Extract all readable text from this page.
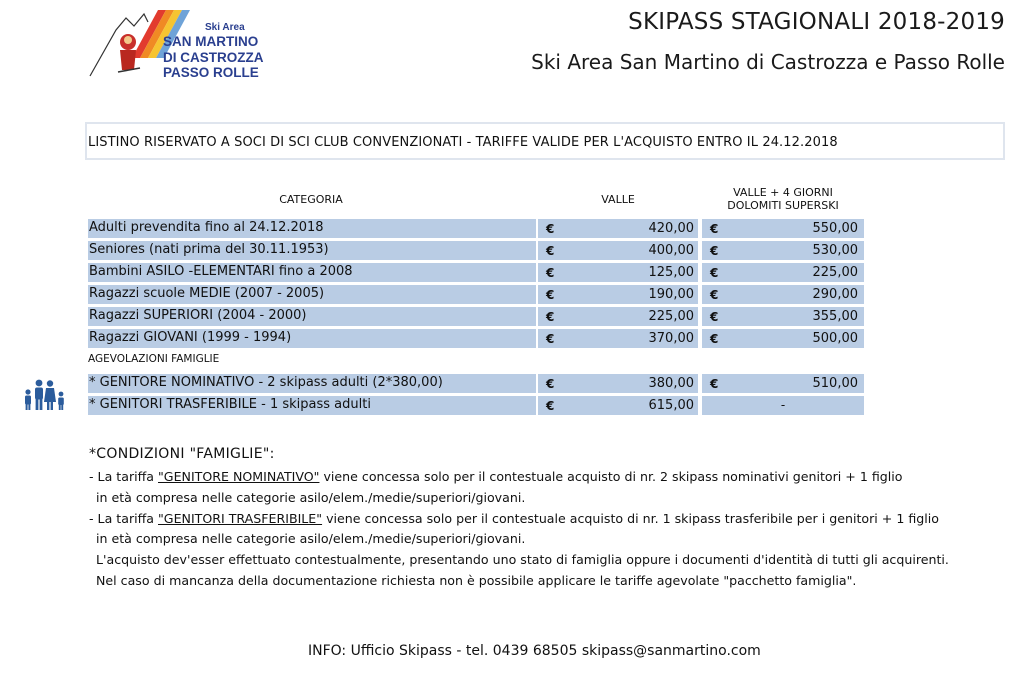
Ski Area
SAN MARTINO
DI CASTROZZA
PASSO ROLLE
SKIPASS STAGIONALI 2018-2019
Ski Area San Martino di Castrozza e Passo Rolle
LISTINO RISERVATO A SOCI DI SCI CLUB CONVENZIONATI - TARIFFE VALIDE PER L'ACQUISTO ENTRO IL 24.12.2018
CATEGORIA	VALLE
VALLE + 4 GIORNI
DOLOMITI SUPERSKI
Adulti prevendita fino al 24.12.2018	€	420,00 €	550,00
Seniores (nati prima del 30.11.1953)	€	400,00 €	530,00
Bambini ASILO -ELEMENTARI fino a 2008	€	125,00 €	225,00
Ragazzi scuole MEDIE (2007 - 2005)	€	190,00 €	290,00
Ragazzi SUPERIORI (2004 - 2000)	€	225,00 €	355,00
Ragazzi GIOVANI (1999 - 1994)	€	370,00 €	500,00
AGEVOLAZIONI FAMIGLIE
* GENITORE NOMINATIVO - 2 skipass adulti (2*380,00)	€	380,00 €	510,00
* GENITORI TRASFERIBILE - 1 skipass adulti	€	615,00	-
*CONDIZIONI "FAMIGLIE":
- La tariffa "GENITORE NOMINATIVO" viene concessa solo per il contestuale acquisto di nr. 2 skipass nominativi genitori + 1 figlio
in età compresa nelle categorie asilo/elem./medie/superiori/giovani.
- La tariffa "GENITORI TRASFERIBILE" viene concessa solo per il contestuale acquisto di nr. 1 skipass trasferibile per i genitori + 1 figlio
in età compresa nelle categorie asilo/elem./medie/superiori/giovani.
L'acquisto dev'esser effettuato contestualmente, presentando uno stato di famiglia oppure i documenti d'identità di tutti gli acquirenti.
Nel caso di mancanza della documentazione richiesta non è possibile applicare le tariffe agevolate "pacchetto famiglia".
INFO: Ufficio Skipass - tel. 0439 68505 skipass@sanmartino.com
